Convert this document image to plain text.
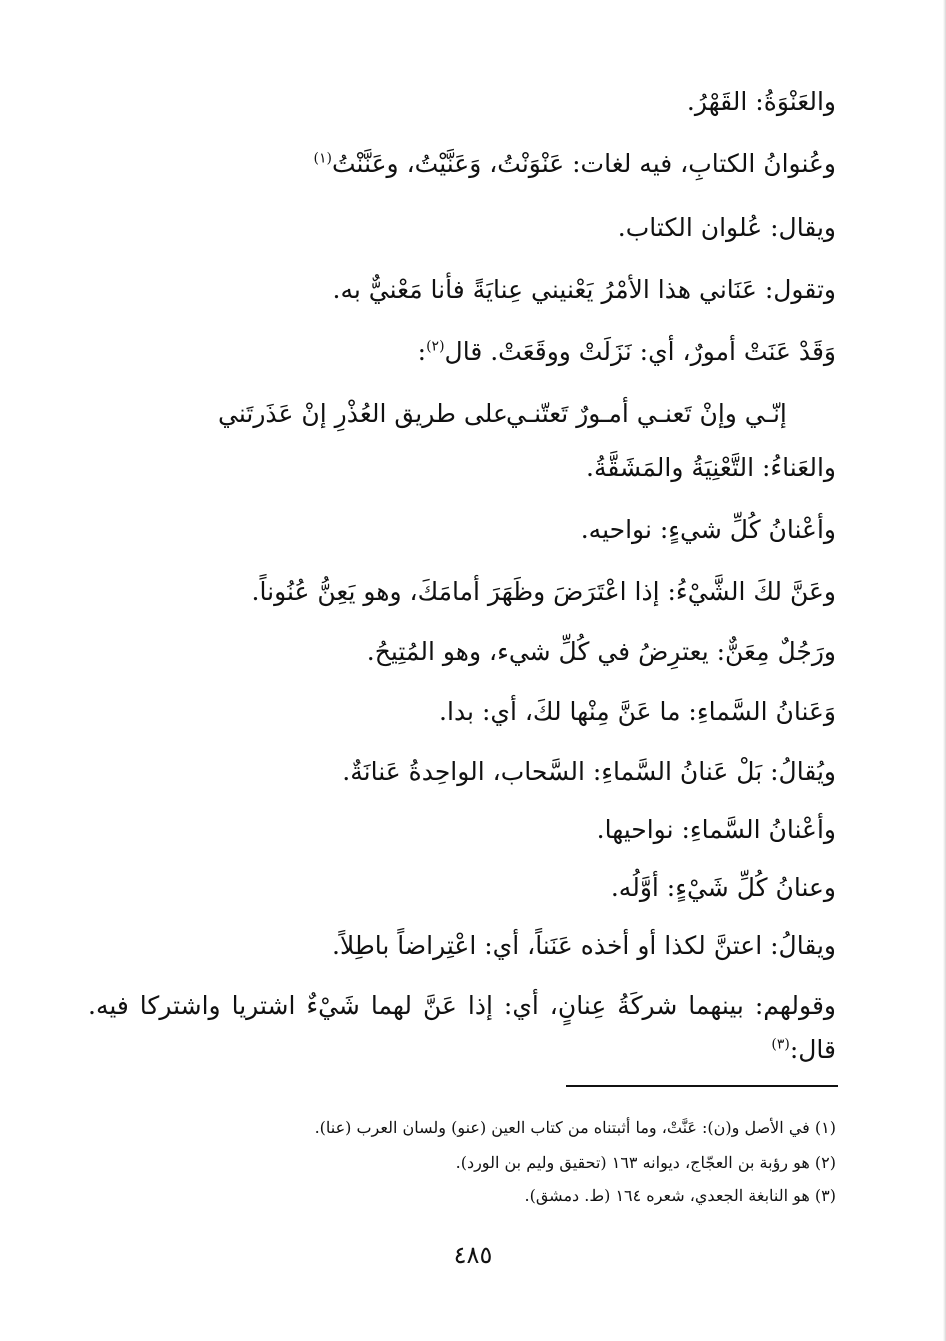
والعَنْوَةُ: القَهْرُ.
وعُنوانُ الكتابِ، فيه لغات: عَنْوَنْتُ، وَعَنَّيْتُ، وعَنَّنْتُ$^{(١)}$
ويقال: عُلوان الكتاب.
وتقول: عَنَاني هذا الأمْرُ يَعْنيني عِنايَةً فأنا مَعْنيٌّ به.
وَقَدْ عَنَتْ أمورٌ، أي: نَزَلَتْ ووقَعَتْ. قال$^{(٢)}$:
إنّـي وإنْ تَعنـي أمـورٌ تَعتّنـي
على طريق العُذْرِ إنْ عَذَرتَني
والعَناءُ: التَّعْنِيَةُ والمَشَقَّةُ.
وأعْنانُ كُلِّ شيءٍ: نواحيه.
وعَنَّ لكَ الشَّيْءُ: إذا اعْتَرَضَ وظَهَرَ أمامَكَ، وهو يَعِنُّ عُنُوناً.
ورَجُلٌ مِعَنٌّ: يعترِضُ في كُلِّ شيء، وهو المُتِيحُ.
وَعَنانُ السَّماءِ: ما عَنَّ مِنْها لكَ، أي: بدا.
ويُقالُ: بَلْ عَنانُ السَّماءِ: السَّحاب، الواحِدةُ عَنانَةٌ.
وأعْنانُ السَّماءِ: نواحيها.
وعنانُ كُلِّ شَيْءٍ: أوَّلُه.
ويقالُ: اعتنَّ لكذا أو أخذه عَنَناً، أي: اعْتِراضاً باطِلاً.
وقولهم: بينهما شركَةُ عِنانٍ، أي: إذا عَنَّ لهما شَيْءٌ اشتريا واشتركا فيه.
قال:$^{(٣)}$
(١) في الأصل و(ن): عَنَّتْ، وما أثبتناه من كتاب العين (عنو) ولسان العرب (عنا).
(٢) هو رؤبة بن العجّاج، ديوانه ١٦٣ (تحقيق وليم بن الورد).
(٣) هو النابغة الجعدي، شعره ١٦٤ (ط. دمشق).
٤٨٥
